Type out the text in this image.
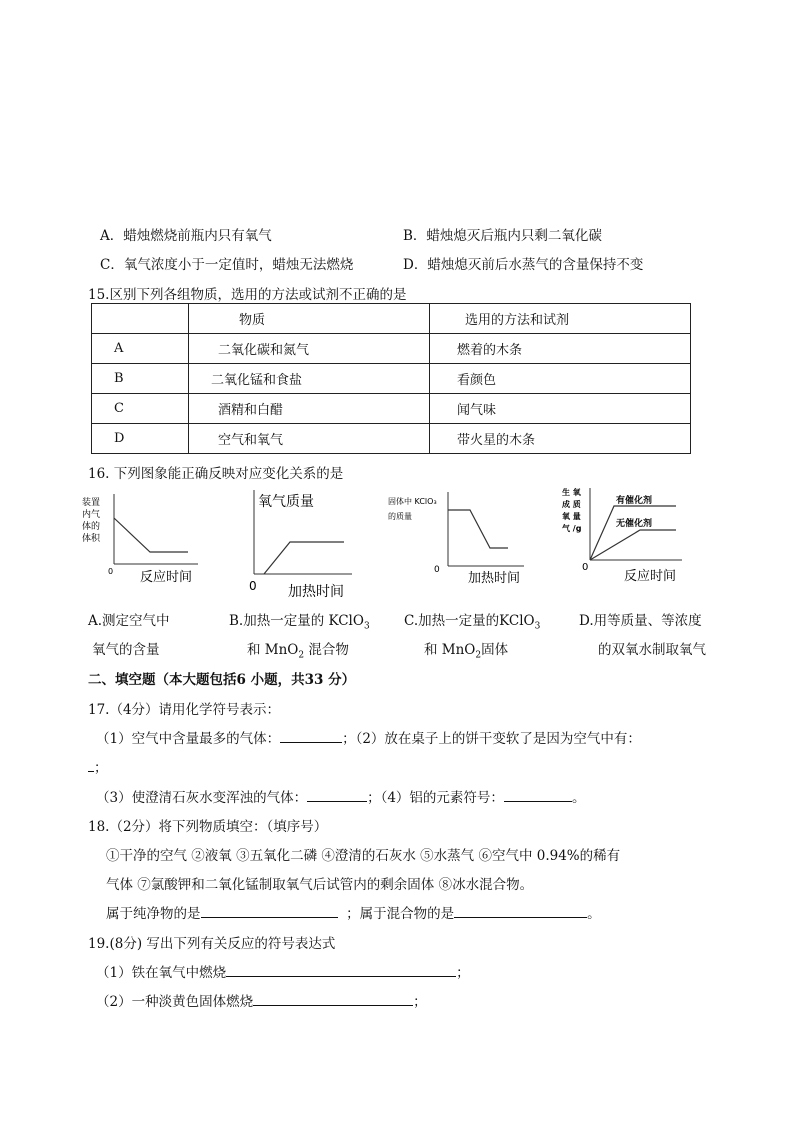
A．蜡烛燃烧前瓶内只有氧气	B．蜡烛熄灭后瓶内只剩二氧化碳
C．氧气浓度小于一定值时，蜡烛无法燃烧	D．蜡烛熄灭前后水蒸气的含量保持不变
15.区别下列各组物质，选用的方法或试剂不正确的是
	物质	选用的方法和试剂
A	二氧化碳和氮气	燃着的木条
B	二氧化锰和食盐	看颜色
C	酒精和白醋	闻气味
D	空气和氧气	带火星的木条
16. 下列图象能正确反映对应变化关系的是
装置
内气
体的
体积
0 反应时间
氧气质量
0 加热时间
固体中 KClO₃
的质量
0
加热时间
生 氧
成 质
氧 量
气 /g
有催化剂
无催化剂
0
反应时间
A.测定空气中
氧气的含量
B.加热一定量的 KClO$_3$
和 MnO$_2$ 混合物
C.加热一定量的KClO$_3$
和 MnO$_2$固体
D.用等质量、等浓度
的双氧水制取氧气
二、填空题（本大题包括6 小题，共33 分）
17.（4分）请用化学符号表示：
（1）空气中含量最多的气体：	；（2）放在桌子上的饼干变软了是因为空气中有：
；
（3）使澄清石灰水变浑浊的气体：	；（4）铝的元素符号：	。
18.（2分）将下列物质填空：（填序号）
①干净的空气 ②液氧 ③五氧化二磷 ④澄清的石灰水 ⑤水蒸气 ⑥空气中 0.94%的稀有
气体 ⑦氯酸钾和二氧化锰制取氧气后试管内的剩余固体 ⑧冰水混合物。
属于纯净物的是	；属于混合物的是	。
19.(8分) 写出下列有关反应的符号表达式
（1）铁在氧气中燃烧	；
（2）一种淡黄色固体燃烧	；
